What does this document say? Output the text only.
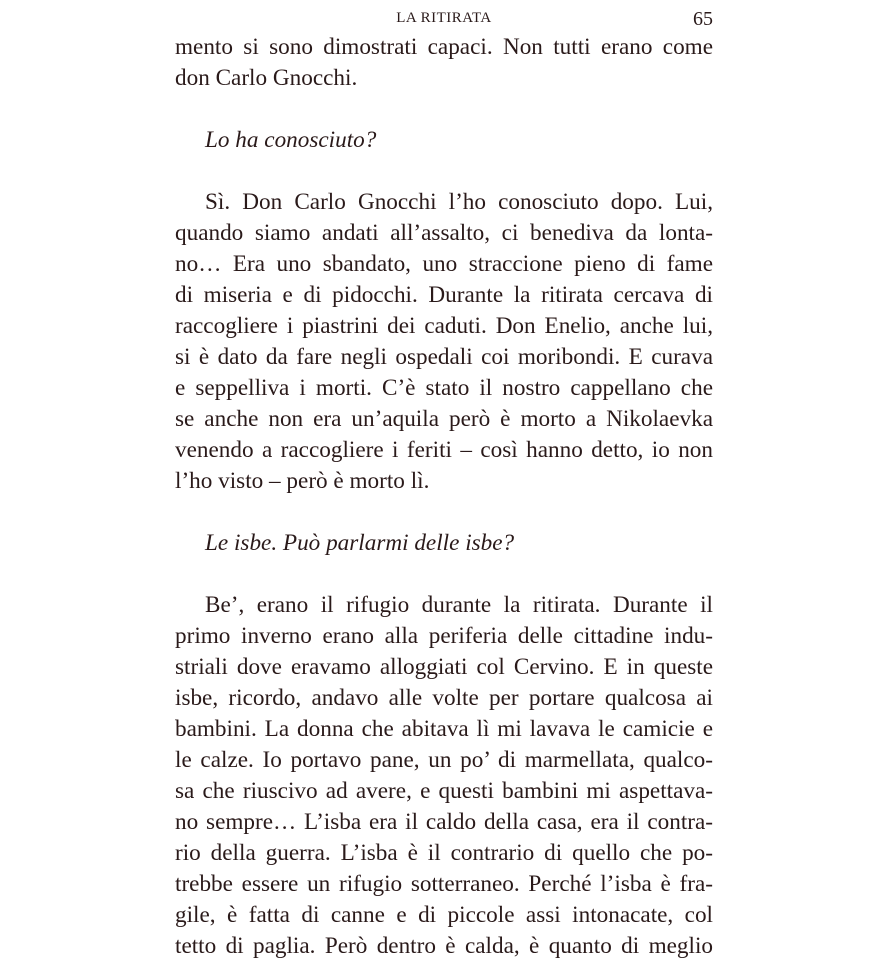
LA RITIRATA	65
mento si sono dimostrati capaci. Non tutti erano come
don Carlo Gnocchi.
Lo ha conosciuto?
Sì. Don Carlo Gnocchi l’ho conosciuto dopo. Lui,
quando siamo andati all’assalto, ci benediva da lonta-
no… Era uno sbandato, uno straccione pieno di fame
di miseria e di pidocchi. Durante la ritirata cercava di
raccogliere i piastrini dei caduti. Don Enelio, anche lui,
si è dato da fare negli ospedali coi moribondi. E curava
e seppelliva i morti. C’è stato il nostro cappellano che
se anche non era un’aquila però è morto a Nikolaevka
venendo a raccogliere i feriti – così hanno detto, io non
l’ho visto – però è morto lì.
Le isbe. Può parlarmi delle isbe?
Be’, erano il rifugio durante la ritirata. Durante il
primo inverno erano alla periferia delle cittadine indu-
striali dove eravamo alloggiati col Cervino. E in queste
isbe, ricordo, andavo alle volte per portare qualcosa ai
bambini. La donna che abitava lì mi lavava le camicie e
le calze. Io portavo pane, un po’ di marmellata, qualco-
sa che riuscivo ad avere, e questi bambini mi aspettava-
no sempre… L’isba era il caldo della casa, era il contra-
rio della guerra. L’isba è il contrario di quello che po-
trebbe essere un rifugio sotterraneo. Perché l’isba è fra-
gile, è fatta di canne e di piccole assi intonacate, col
tetto di paglia. Però dentro è calda, è quanto di meglio
